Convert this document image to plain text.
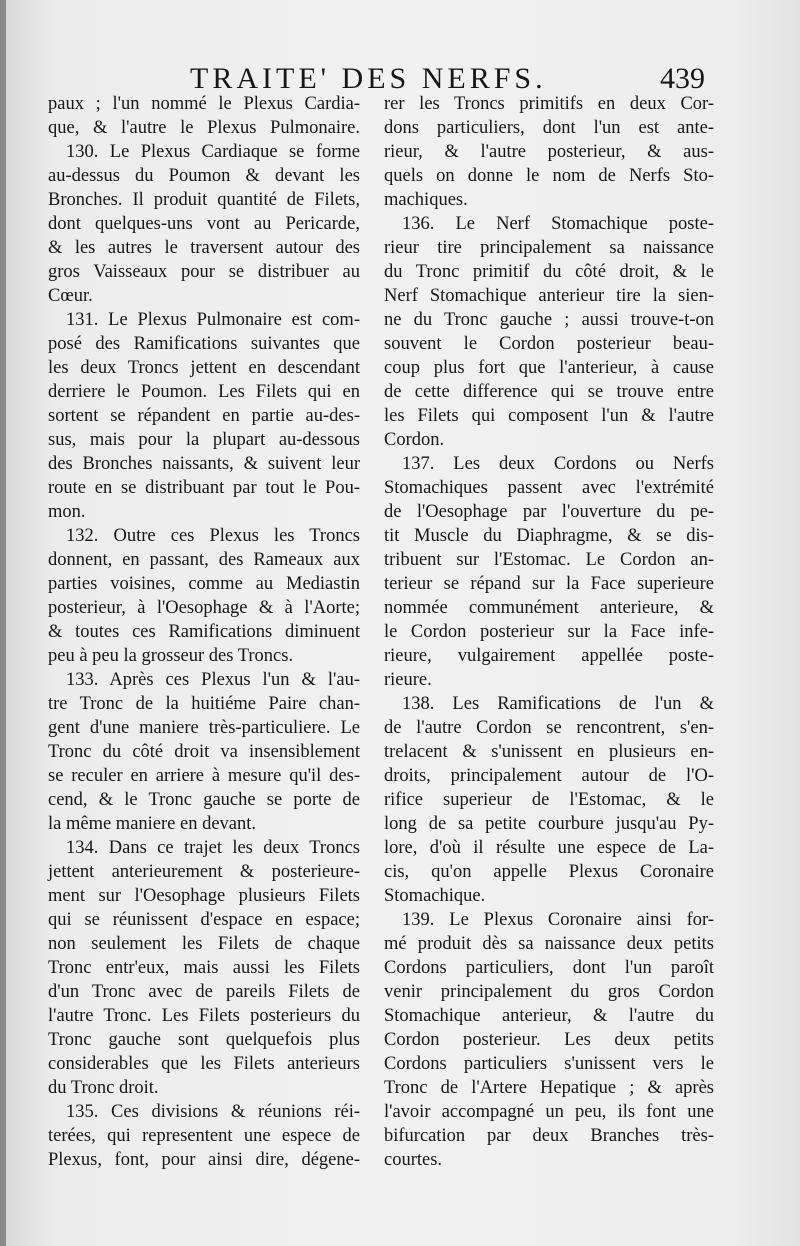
TRAITE' DES NERFS.	439
paux ; l'un nommé le Plexus Cardia-
que, & l'autre le Plexus Pulmonaire.
130. Le Plexus Cardiaque se forme
au-dessus du Poumon & devant les
Bronches. Il produit quantité de Filets,
dont quelques-uns vont au Pericarde,
& les autres le traversent autour des
gros Vaisseaux pour se distribuer au
Cœur.
131. Le Plexus Pulmonaire est com-
posé des Ramifications suivantes que
les deux Troncs jettent en descendant
derriere le Poumon. Les Filets qui en
sortent se répandent en partie au-des-
sus, mais pour la plupart au-dessous
des Bronches naissants, & suivent leur
route en se distribuant par tout le Pou-
mon.
132. Outre ces Plexus les Troncs
donnent, en passant, des Rameaux aux
parties voisines, comme au Mediastin
posterieur, à l'Oesophage & à l'Aorte;
& toutes ces Ramifications diminuent
peu à peu la grosseur des Troncs.
133. Après ces Plexus l'un & l'au-
tre Tronc de la huitiéme Paire chan-
gent d'une maniere très-particuliere. Le
Tronc du côté droit va insensiblement
se reculer en arriere à mesure qu'il des-
cend, & le Tronc gauche se porte de
la même maniere en devant.
134. Dans ce trajet les deux Troncs
jettent anterieurement & posterieure-
ment sur l'Oesophage plusieurs Filets
qui se réunissent d'espace en espace;
non seulement les Filets de chaque
Tronc entr'eux, mais aussi les Filets
d'un Tronc avec de pareils Filets de
l'autre Tronc. Les Filets posterieurs du
Tronc gauche sont quelquefois plus
considerables que les Filets anterieurs
du Tronc droit.
135. Ces divisions & réunions réi-
terées, qui representent une espece de
Plexus, font, pour ainsi dire, dégene-
rer les Troncs primitifs en deux Cor-
dons particuliers, dont l'un est ante-
rieur, & l'autre posterieur, & aus-
quels on donne le nom de Nerfs Sto-
machiques.
136. Le Nerf Stomachique poste-
rieur tire principalement sa naissance
du Tronc primitif du côté droit, & le
Nerf Stomachique anterieur tire la sien-
ne du Tronc gauche ; aussi trouve-t-on
souvent le Cordon posterieur beau-
coup plus fort que l'anterieur, à cause
de cette difference qui se trouve entre
les Filets qui composent l'un & l'autre
Cordon.
137. Les deux Cordons ou Nerfs
Stomachiques passent avec l'extrémité
de l'Oesophage par l'ouverture du pe-
tit Muscle du Diaphragme, & se dis-
tribuent sur l'Estomac. Le Cordon an-
terieur se répand sur la Face superieure
nommée communément anterieure, &
le Cordon posterieur sur la Face infe-
rieure, vulgairement appellée poste-
rieure.
138. Les Ramifications de l'un &
de l'autre Cordon se rencontrent, s'en-
trelacent & s'unissent en plusieurs en-
droits, principalement autour de l'O-
rifice superieur de l'Estomac, & le
long de sa petite courbure jusqu'au Py-
lore, d'où il résulte une espece de La-
cis, qu'on appelle Plexus Coronaire
Stomachique.
139. Le Plexus Coronaire ainsi for-
mé produit dès sa naissance deux petits
Cordons particuliers, dont l'un paroît
venir principalement du gros Cordon
Stomachique anterieur, & l'autre du
Cordon posterieur. Les deux petits
Cordons particuliers s'unissent vers le
Tronc de l'Artere Hepatique ; & après
l'avoir accompagné un peu, ils font une
bifurcation par deux Branches très-
courtes.
